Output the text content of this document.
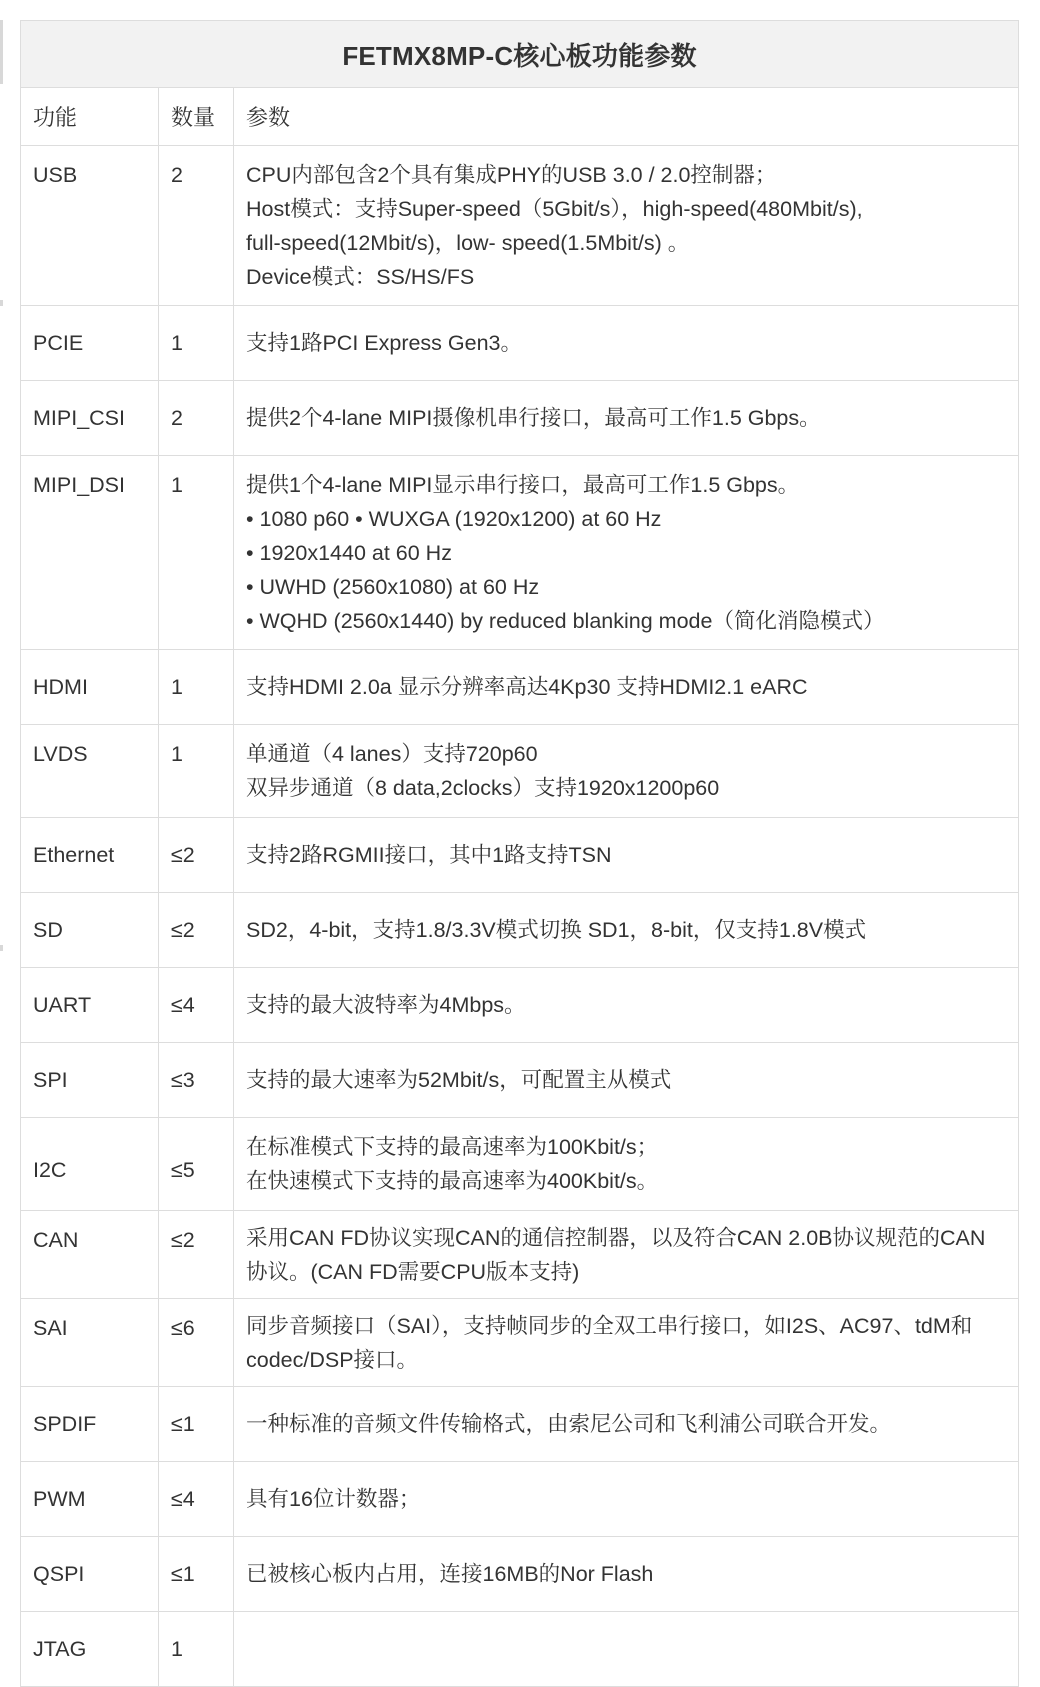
FETMX8MP-C核心板功能参数		
功能	数量	参数
USB	2	CPU内部包含2个具有集成PHY的USB 3.0 / 2.0控制器；
Host模式：支持Super-speed（5Gbit/s），high-speed(480Mbit/s),
full-speed(12Mbit/s)，low- speed(1.5Mbit/s) 。
Device模式：SS/HS/FS

PCIE	1	支持1路PCI Express Gen3。

MIPI_CSI	2	提供2个4-lane MIPI摄像机串行接口，最高可工作1.5 Gbps。

MIPI_DSI	1	提供1个4-lane MIPI显示串行接口，最高可工作1.5 Gbps。
• 1080 p60 • WUXGA (1920x1200) at 60 Hz
• 1920x1440 at 60 Hz
• UWHD (2560x1080) at 60 Hz
• WQHD (2560x1440) by reduced blanking mode（简化消隐模式）

HDMI	1	支持HDMI 2.0a 显示分辨率高达4Kp30 支持HDMI2.1 eARC

LVDS	1	单通道（4 lanes）支持720p60
双异步通道（8 data,2clocks）支持1920x1200p60

Ethernet	≤2	支持2路RGMII接口，其中1路支持TSN

SD	≤2	SD2，4-bit，支持1.8/3.3V模式切换 SD1，8-bit，仅支持1.8V模式

UART	≤4	支持的最大波特率为4Mbps。

SPI	≤3	支持的最大速率为52Mbit/s，可配置主从模式

I2C	≤5	在标准模式下支持的最高速率为100Kbit/s；
在快速模式下支持的最高速率为400Kbit/s。

CAN	≤2	采用CAN FD协议实现CAN的通信控制器，以及符合CAN 2.0B协议规范的CAN协议。(CAN FD需要CPU版本支持)

SAI	≤6	同步音频接口（SAI），支持帧同步的全双工串行接口，如I2S、AC97、tdM和codec/DSP接口。

SPDIF	≤1	一种标准的音频文件传输格式，由索尼公司和飞利浦公司联合开发。

PWM	≤4	具有16位计数器；

QSPI	≤1	已被核心板内占用，连接16MB的Nor Flash

JTAG	1	
